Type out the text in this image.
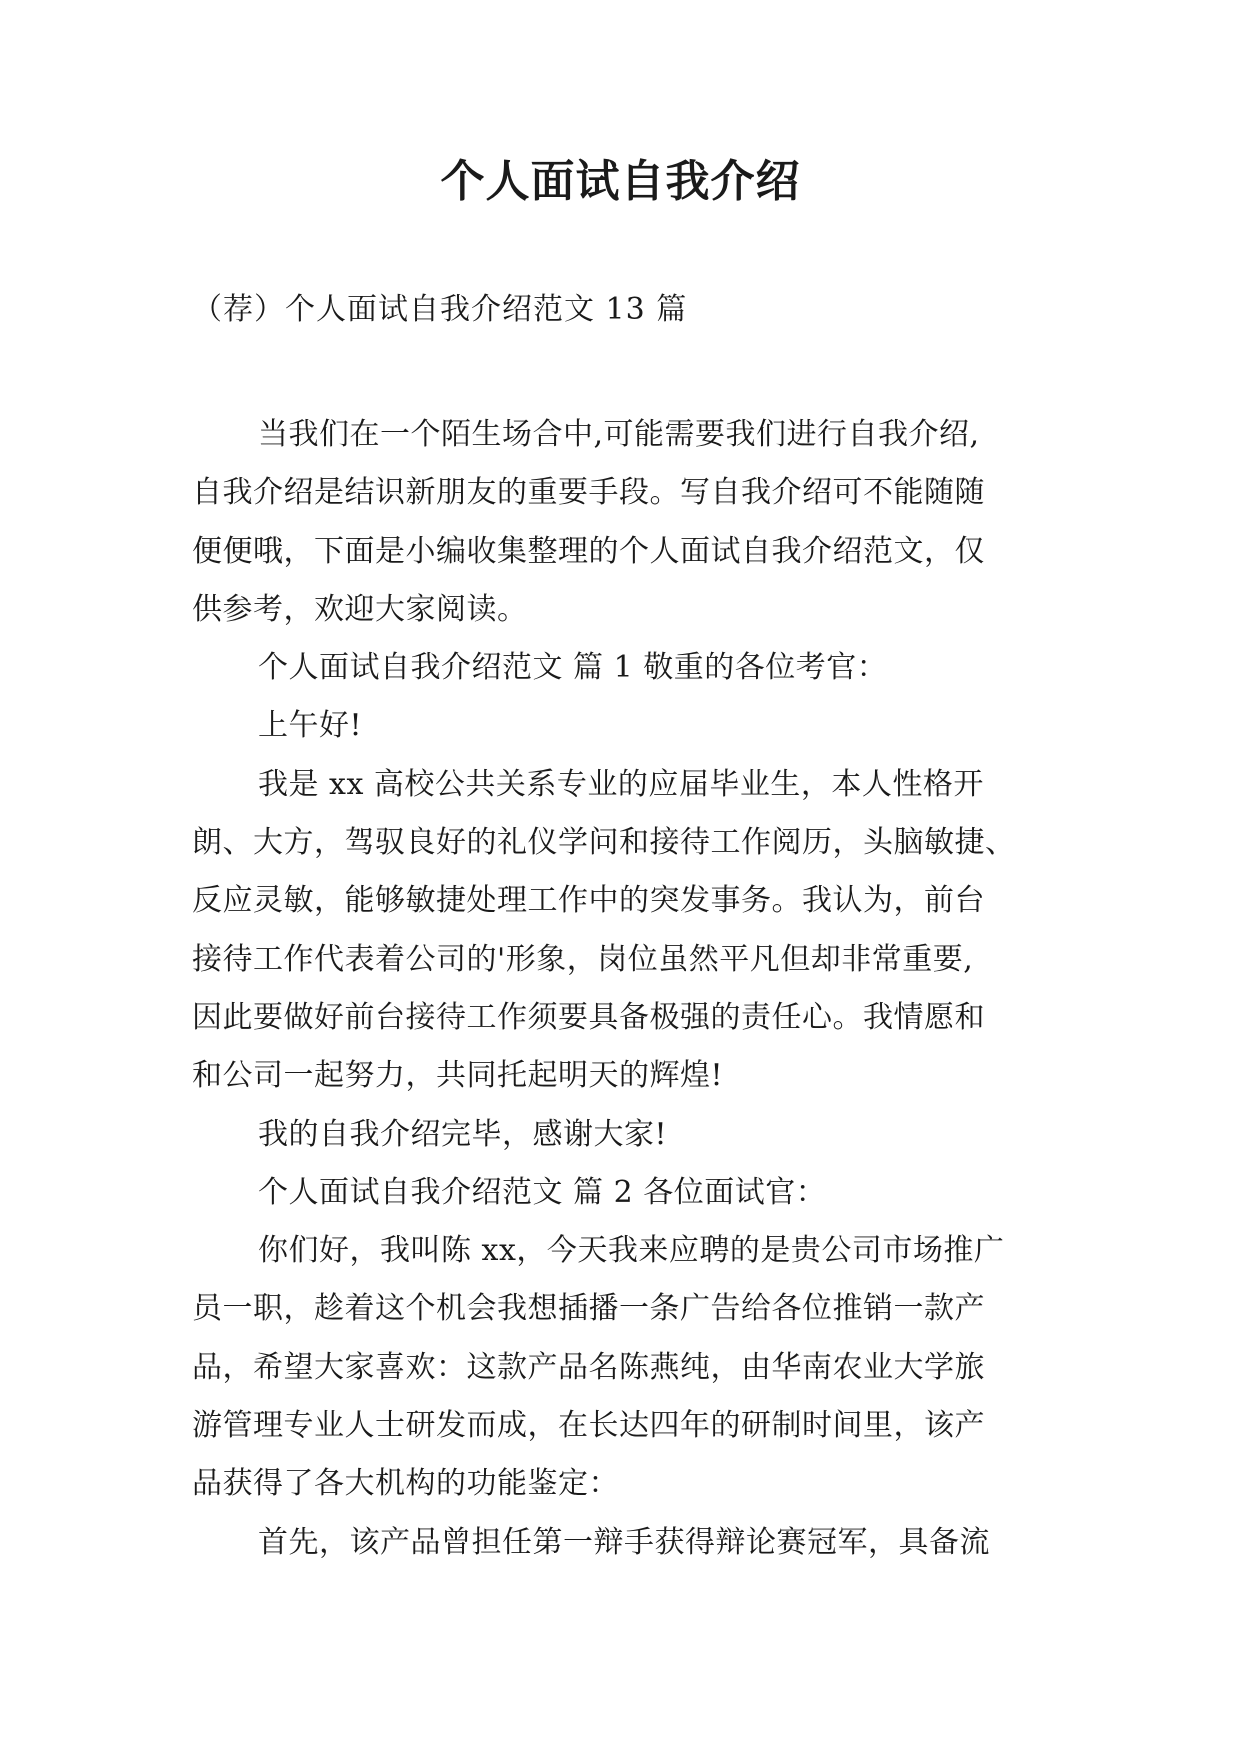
个人面试自我介绍
（荐）个人面试自我介绍范文 13 篇
当我们在一个陌生场合中,可能需要我们进行自我介绍,
自我介绍是结识新朋友的重要手段。写自我介绍可不能随随
便便哦，下面是小编收集整理的个人面试自我介绍范文，仅
供参考，欢迎大家阅读。
个人面试自我介绍范文 篇 1 敬重的各位考官：
上午好!
我是 xx 高校公共关系专业的应届毕业生，本人性格开
朗、大方，驾驭良好的礼仪学问和接待工作阅历，头脑敏捷、
反应灵敏，能够敏捷处理工作中的突发事务。我认为，前台
接待工作代表着公司的'形象，岗位虽然平凡但却非常重要,
因此要做好前台接待工作须要具备极强的责任心。我情愿和
和公司一起努力，共同托起明天的辉煌!
我的自我介绍完毕，感谢大家!
个人面试自我介绍范文 篇 2 各位面试官：
你们好，我叫陈 xx，今天我来应聘的是贵公司市场推广
员一职，趁着这个机会我想插播一条广告给各位推销一款产
品，希望大家喜欢：这款产品名陈燕纯，由华南农业大学旅
游管理专业人士研发而成，在长达四年的研制时间里，该产
品获得了各大机构的功能鉴定：
首先，该产品曾担任第一辩手获得辩论赛冠军，具备流
